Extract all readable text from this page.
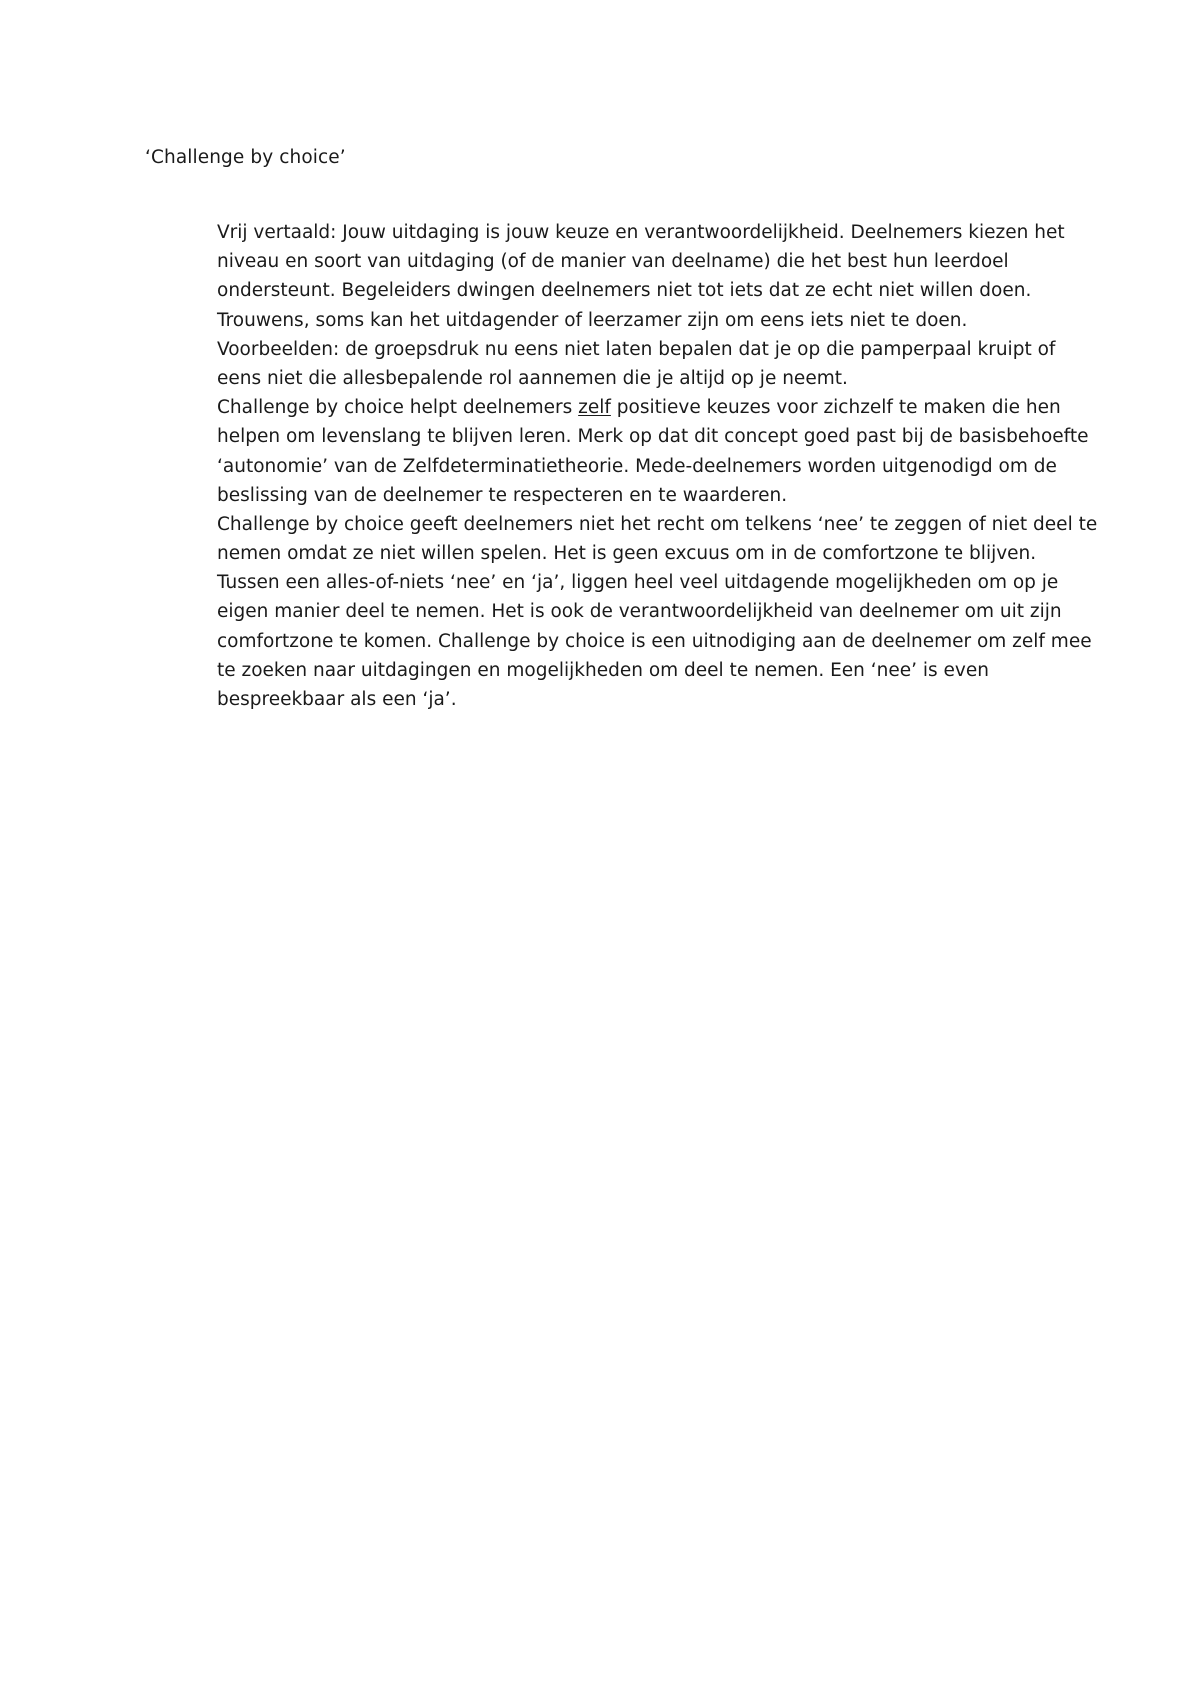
‘Challenge by choice’
Vrij vertaald: Jouw uitdaging is jouw keuze en verantwoordelijkheid. Deelnemers kiezen het
niveau en soort van uitdaging (of de manier van deelname) die het best hun leerdoel
ondersteunt. Begeleiders dwingen deelnemers niet tot iets dat ze echt niet willen doen.
Trouwens, soms kan het uitdagender of leerzamer zijn om eens iets niet te doen.
Voorbeelden: de groepsdruk nu eens niet laten bepalen dat je op die pamperpaal kruipt of
eens niet die allesbepalende rol aannemen die je altijd op je neemt.
Challenge by choice helpt deelnemers zelf positieve keuzes voor zichzelf te maken die hen
helpen om levenslang te blijven leren. Merk op dat dit concept goed past bij de basisbehoefte
‘autonomie’ van de Zelfdeterminatietheorie. Mede-deelnemers worden uitgenodigd om de
beslissing van de deelnemer te respecteren en te waarderen.
Challenge by choice geeft deelnemers niet het recht om telkens ‘nee’ te zeggen of niet deel te
nemen omdat ze niet willen spelen. Het is geen excuus om in de comfortzone te blijven.
Tussen een alles-of-niets ‘nee’ en ‘ja’, liggen heel veel uitdagende mogelijkheden om op je
eigen manier deel te nemen. Het is ook de verantwoordelijkheid van deelnemer om uit zijn
comfortzone te komen. Challenge by choice is een uitnodiging aan de deelnemer om zelf mee
te zoeken naar uitdagingen en mogelijkheden om deel te nemen. Een ‘nee’ is even
bespreekbaar als een ‘ja’.
